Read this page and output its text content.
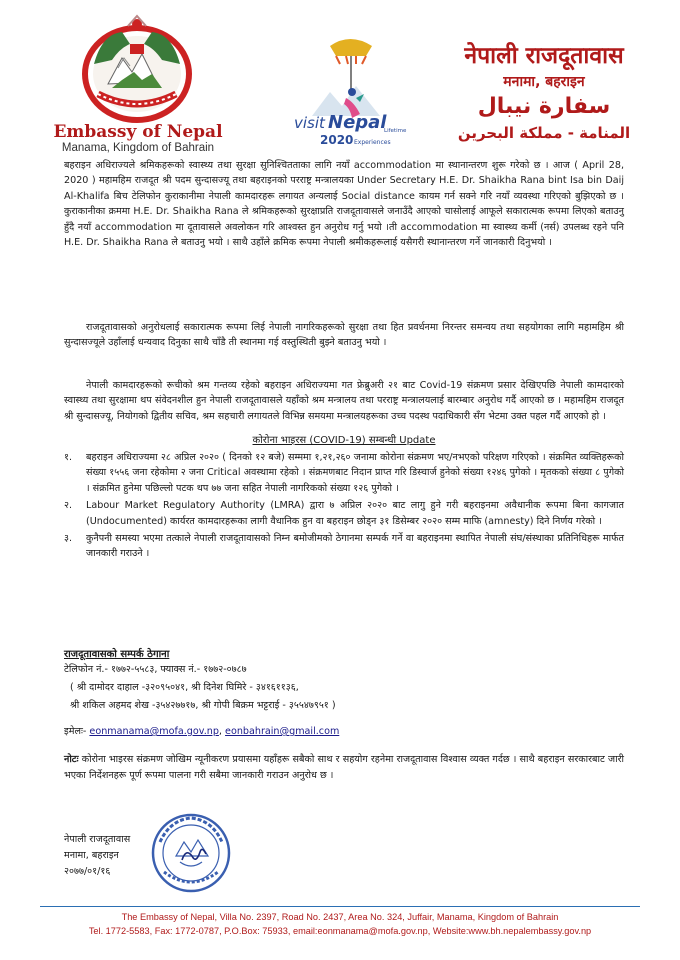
Embassy of Nepal
Manama, Kingdom of Bahrain
visit Nepal
2020
Lifetime
Experiences
नेपाली राजदूतावास
मनामा, बहराइन
سفارة نيبال
المنامة - مملكة البحرين
बहराइन अधिराज्यले श्रमिकहरूको स्वास्थ्य तथा सुरक्षा सुनिश्चितताका लागि नयाँ accommodation मा स्थानान्तरण शुरू गरेको छ । आज ( April 28, 2020 ) महामहिम राजदूत श्री पदम सुन्दासज्यू तथा बहराइनको परराष्ट्र मन्त्रालयका Under Secretary H.E. Dr. Shaikha Rana bint Isa bin Daij Al-Khalifa बिच टेलिफोन कुराकानीमा नेपाली कामदारहरू लगायत अन्यलाई Social distance कायम गर्न सक्ने गरि नयाँ व्यवस्था गरिएको बुझिएको छ ।कुराकानीका क्रममा H.E. Dr. Shaikha Rana ले श्रमिकहरूको सुरक्षाप्रति राजदूतावासले जनाउँदै आएको चासोलाई आफूले सकारात्मक रूपमा लिएको बताउनु हुँदै नयाँ accommodation मा दूतावासले अवलोकन गरि आश्वस्त हुन अनुरोध गर्नु भयो ।ती accommodation मा स्वास्थ्य कर्मी (नर्स) उपलब्ध रहने पनि H.E. Dr. Shaikha Rana ले बताउनु भयो । साथै उहाँले क्रमिक रूपमा नेपाली श्रमीकहरूलाई यसैगरी स्थानान्तरण गर्ने जानकारी दिनुभयो ।
राजदूतावासको अनुरोधलाई सकारात्मक रूपमा लिई नेपाली नागरिकहरूको सुरक्षा तथा हित प्रवर्धनमा निरन्तर समन्वय तथा सहयोगका लागि महामहिम श्री सुन्दासज्यूले उहाँलाई धन्यवाद दिनुका साथै चाँडै ती स्थानमा गई वस्तुस्थिती बुझ्ने बताउनु भयो ।
नेपाली कामदारहरूको रूचीको श्रम गन्तव्य रहेको बहराइन अधिराज्यमा गत फ्रेब्रुअरी २१ बाट Covid-19 संक्रमण प्रसार देखिएपछि नेपाली कामदारको स्वास्थ्य तथा सुरक्षामा थप संवेदनशील हुन नेपाली राजदूतावासले यहाँको श्रम मन्त्रालय तथा परराष्ट्र मन्त्रालयलाई बारम्बार अनुरोध गर्दै आएको छ । महामहिम राजदूत श्री सुन्दासज्यू, नियोगको द्वितीय सचिव, श्रम सहचारी लगायतले विभिन्न समयमा मन्त्रालयहरूका उच्च पदस्थ पदाधिकारी सँग भेटमा उक्त पहल गर्दै आएको हो ।
कोरोना भाइरस (COVID-19) सम्बन्धी Update
१. बहराइन अधिराज्यमा २८ अप्रिल २०२० ( दिनको १२ बजे) सम्ममा १,२१,२६० जनामा कोरोना संक्रमण भए/नभएको परिक्षण गरिएको । संक्रमित व्यक्तिहरूको संख्या १५५६ जना रहेकोमा २ जना Critical अवस्थामा रहेको । संक्रमणबाट निदान प्राप्त गरि डिस्चार्ज हुनेको संख्या १२४६ पुगेको । मृतकको संख्या ८ पुगेको । संक्रमित हुनेमा पछिल्लो पटक थप ७७ जना सहित नेपाली नागरिकको संख्या १२६ पुगेको ।
२. Labour Market Regulatory Authority (LMRA) द्वारा ७ अप्रिल २०२० बाट लागु हुने गरी बहराइनमा अवैधानीक रूपमा बिना कागजात (Undocumented) कार्यरत कामदारहरूका लागी वैधानिक हुन वा बहराइन छोड्न ३१ डिसेम्बर २०२० सम्म माफि (amnesty) दिने निर्णय गरेको ।
३. कुनैपनी समस्या भएमा तत्काले नेपाली राजदूतावासको निम्न बमोजीमको ठेगानमा सम्पर्क गर्ने वा बहराइनमा स्थापित नेपाली संघ/संस्थाका प्रतिनिधिहरू मार्फत जानकारी गराउने ।
राजदूतावासको सम्पर्क ठेगाना
टेलिफोन नं.- १७७२-५५८३, फ्याक्स नं.- १७७२-०७८७
( श्री दामोदर दाहाल -३२०९५०४१, श्री दिनेश घिमिरे - ३४१६११३६,
श्री शकिल अहमद शेख -३५४२७७१७, श्री गोपी बिक्रम भट्टराई - ३५५४७९५१ )
इमेलः- eonmanama@mofa.gov.np, eonbahrain@gmail.com
नोटः कोरोना भाइरस संक्रमण जोखिम न्यूनीकरण प्रयासमा यहाँहरू सबैको साथ र सहयोग रहनेमा राजदूतावास विश्वास व्यक्त गर्दछ । साथै बहराइन सरकारबाट जारी भएका निर्देशनहरू पूर्ण रूपमा पालना गरी सबैमा जानकारी गराउन अनुरोध छ ।
नेपाली राजदूतावास
मनामा, बहराइन
२०७७/०१/१६
The Embassy of Nepal, Villa No. 2397, Road No. 2437, Area No. 324, Juffair, Manama, Kingdom of Bahrain
Tel. 1772-5583, Fax: 1772-0787, P.O.Box: 75933, email:eonmanama@mofa.gov.np, Website:www.bh.nepalembassy.gov.np
